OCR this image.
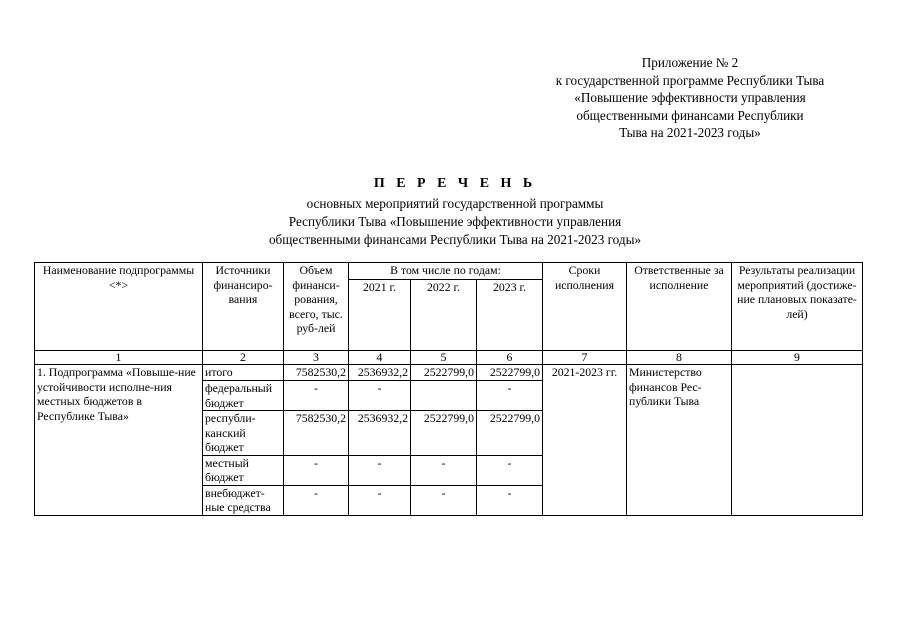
Приложение № 2
к государственной программе Республики Тыва
«Повышение эффективности управления
общественными финансами Республики
Тыва на 2021-2023 годы»
П Е Р Е Ч Е Н Ь
основных мероприятий государственной программы
Республики Тыва «Повышение эффективности управления
общественными финансами Республики Тыва на 2021-2023 годы»
Наименование подпрограммы <*>	Источники финансиро-вания	Объем финанси-рования, всего, тыс. руб-лей	В том числе по годам:			Сроки исполнения	Ответственные за исполнение	Результаты реализации мероприятий (достиже-ние плановых показате-лей)
			2021 г.	2022 г.	2023 г.			
1	2	3	4	5	6	7	8	9
1. Подпрограмма «Повыше-ние устойчивости исполне-ния местных бюджетов в Республике Тыва»	итого	7582530,2	2536932,2	2522799,0	2522799,0	2021-2023 гг.	Министерство финансов Рес-публики Тыва	
	федеральный бюджет	-	-		-			
	республи-канский бюджет	7582530,2	2536932,2	2522799,0	2522799,0			
	местный бюджет	-	-	-	-			
	внебюджет-ные средства	-	-	-	-			
